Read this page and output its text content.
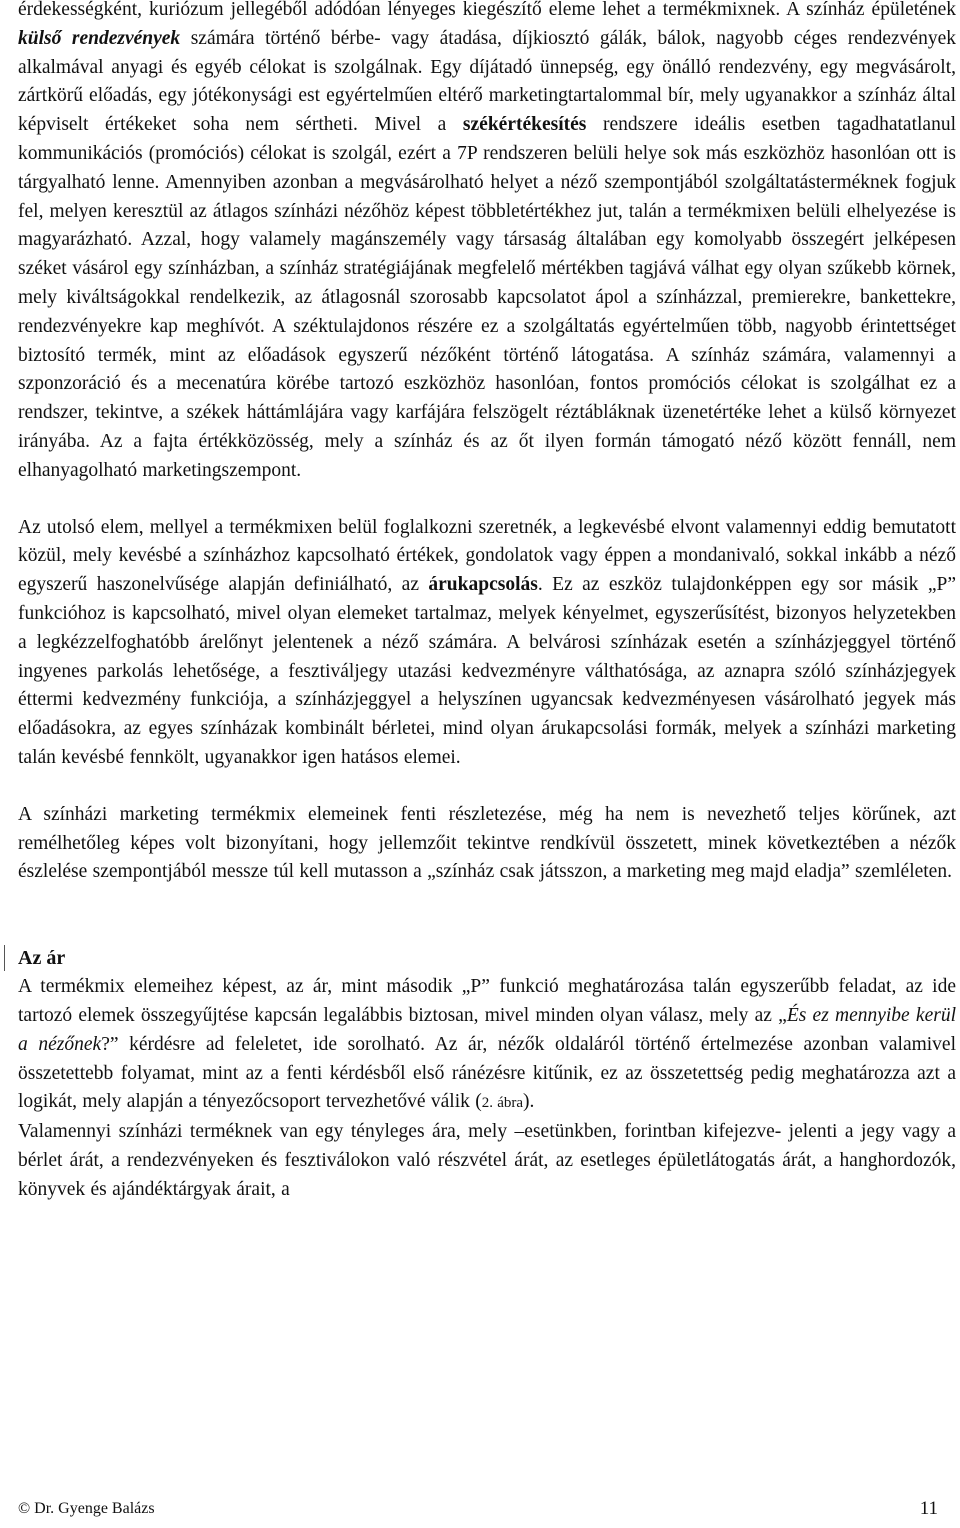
érdekességként, kuriózum jellegéből adódóan lényeges kiegészítő eleme lehet a termékmixnek. A színház épületének külső rendezvények számára történő bérbe- vagy átadása, díjkiosztó gálák, bálok, nagyobb céges rendezvények alkalmával anyagi és egyéb célokat is szolgálnak. Egy díjátadó ünnepség, egy önálló rendezvény, egy megvásárolt, zártkörű előadás, egy jótékonysági est egyértelműen eltérő marketingtartalommal bír, mely ugyanakkor a színház által képviselt értékeket soha nem sértheti. Mivel a székértékesítés rendszere ideális esetben tagadhatatlanul kommunikációs (promóciós) célokat is szolgál, ezért a 7P rendszeren belüli helye sok más eszközhöz hasonlóan ott is tárgyalható lenne. Amennyiben azonban a megvásárolható helyet a néző szempontjából szolgáltatásterméknek fogjuk fel, melyen keresztül az átlagos színházi nézőhöz képest többletértékhez jut, talán a termékmixen belüli elhelyezése is magyarázható. Azzal, hogy valamely magánszemély vagy társaság általában egy komolyabb összegért jelképesen széket vásárol egy színházban, a színház stratégiájának megfelelő mértékben tagjává válhat egy olyan szűkebb körnek, mely kiváltságokkal rendelkezik, az átlagosnál szorosabb kapcsolatot ápol a színházzal, premierekre, bankettekre, rendezvényekre kap meghívót. A széktulajdonos részére ez a szolgáltatás egyértelműen több, nagyobb érintettséget biztosító termék, mint az előadások egyszerű nézőként történő látogatása. A színház számára, valamennyi a szponzoráció és a mecenatúra körébe tartozó eszközhöz hasonlóan, fontos promóciós célokat is szolgálhat ez a rendszer, tekintve, a székek háttámlájára vagy karfájára felszögelt réztábláknak üzenetértéke lehet a külső környezet irányába. Az a fajta értékközösség, mely a színház és az őt ilyen formán támogató néző között fennáll, nem elhanyagolható marketingszempont.

Az utolsó elem, mellyel a termékmixen belül foglalkozni szeretnék, a legkevésbé elvont valamennyi eddig bemutatott közül, mely kevésbé a színházhoz kapcsolható értékek, gondolatok vagy éppen a mondanivaló, sokkal inkább a néző egyszerű haszonelvűsége alapján definiálható, az árukapcsolás. Ez az eszköz tulajdonképpen egy sor másik „P” funkcióhoz is kapcsolható, mivel olyan elemeket tartalmaz, melyek kényelmet, egyszerűsítést, bizonyos helyzetekben a legkézzelfoghatóbb árelőnyt jelentenek a néző számára. A belvárosi színházak esetén a színházjeggyel történő ingyenes parkolás lehetősége, a fesztiváljegy utazási kedvezményre válthatósága, az aznapra szóló színházjegyek éttermi kedvezmény funkciója, a színházjeggyel a helyszínen ugyancsak kedvezményesen vásárolható jegyek más előadásokra, az egyes színházak kombinált bérletei, mind olyan árukapcsolási formák, melyek a színházi marketing talán kevésbé fennkölt, ugyanakkor igen hatásos elemei.

A színházi marketing termékmix elemeinek fenti részletezése, még ha nem is nevezhető teljes körűnek, azt remélhetőleg képes volt bizonyítani, hogy jellemzőit tekintve rendkívül összetett, minek következtében a nézők észlelése szempontjából messze túl kell mutasson a „színház csak játsszon, a marketing meg majd eladja” szemléleten.

Az ár

A termékmix elemeihez képest, az ár, mint második „P” funkció meghatározása talán egyszerűbb feladat, az ide tartozó elemek összegyűjtése kapcsán legalábbis biztosan, mivel minden olyan válasz, mely az „És ez mennyibe kerül a nézőnek?” kérdésre ad feleletet, ide sorolható. Az ár, nézők oldaláról történő értelmezése azonban valamivel összetettebb folyamat, mint az a fenti kérdésből első ránézésre kitűnik, ez az összetettség pedig meghatározza azt a logikát, mely alapján a tényezőcsoport tervezhetővé válik (2. ábra).

Valamennyi színházi terméknek van egy tényleges ára, mely –esetünkben, forintban kifejezve- jelenti a jegy vagy a bérlet árát, a rendezvényeken és fesztiválokon való részvétel árát, az esetleges épületlátogatás árát, a hanghordozók, könyvek és ajándéktárgyak árait, a

© Dr. Gyenge Balázs	11
